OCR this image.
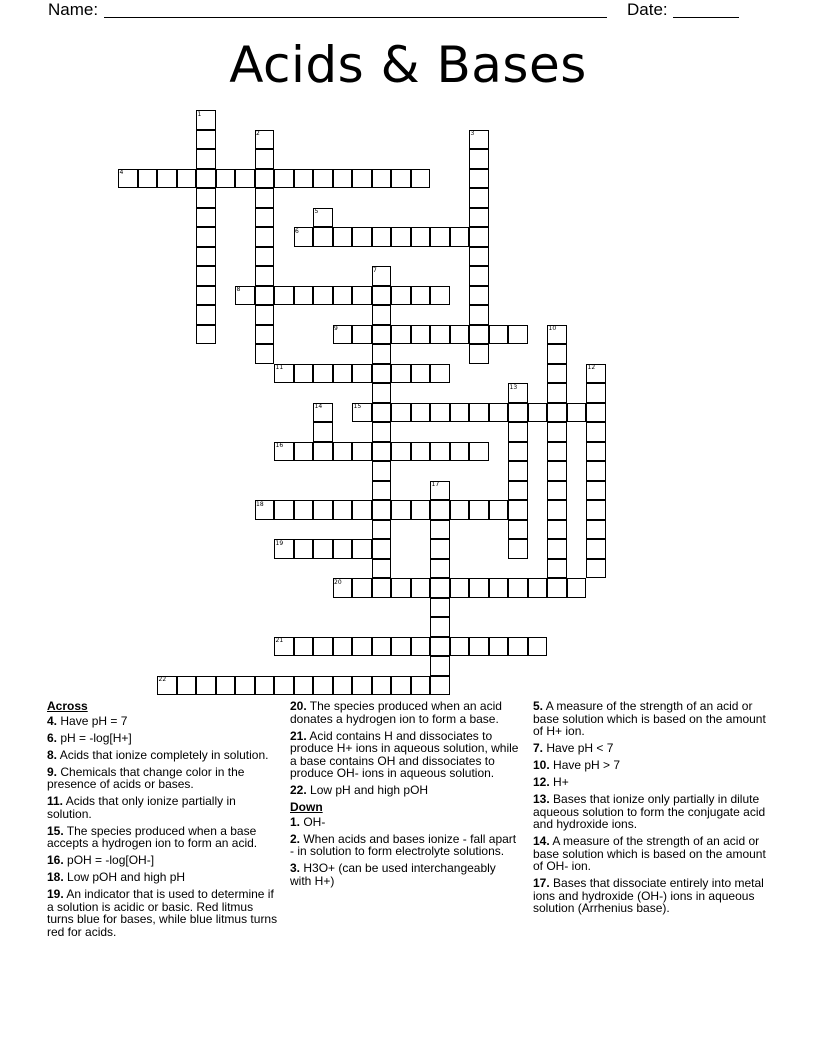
Name:	Date:
Acids & Bases
1
2	3
4
5
6
7
8
9	10
11	12
13
14	15
16
17
18
19
20
21
22
Across
4. Have pH = 7
6. pH = -log[H+]
8. Acids that ionize completely in solution.
9. Chemicals that change color in the presence of acids or bases.
11. Acids that only ionize partially in solution.
15. The species produced when a base accepts a hydrogen ion to form an acid.
16. pOH = -log[OH-]
18. Low pOH and high pH
19. An indicator that is used to determine if a solution is acidic or basic. Red litmus turns blue for bases, while blue litmus turns red for acids.
20. The species produced when an acid donates a hydrogen ion to form a base.
21. Acid contains H and dissociates to produce H+ ions in aqueous solution, while a base contains OH and dissociates to produce OH- ions in aqueous solution.
22. Low pH and high pOH
Down
1. OH-
2. When acids and bases ionize - fall apart - in solution to form electrolyte solutions.
3. H3O+ (can be used interchangeably with H+)
5. A measure of the strength of an acid or base solution which is based on the amount of H+ ion.
7. Have pH < 7
10. Have pH > 7
12. H+
13. Bases that ionize only partially in dilute aqueous solution to form the conjugate acid and hydroxide ions.
14. A measure of the strength of an acid or base solution which is based on the amount of OH- ion.
17. Bases that dissociate entirely into metal ions and hydroxide (OH-) ions in aqueous solution (Arrhenius base).
